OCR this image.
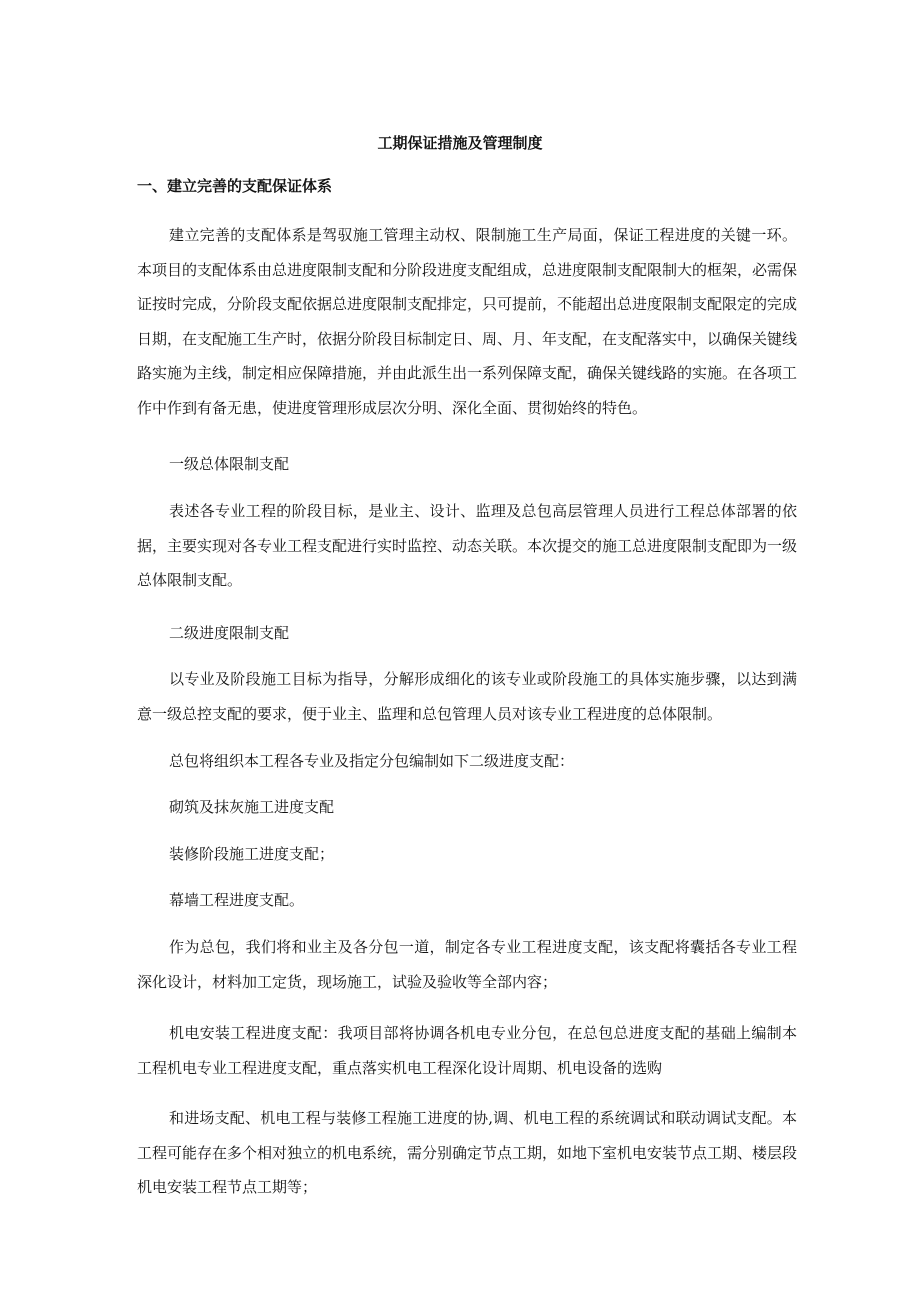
工期保证措施及管理制度
一、建立完善的支配保证体系

建立完善的支配体系是驾驭施工管理主动权、限制施工生产局面，保证工程进度的关键一环。本项目的支配体系由总进度限制支配和分阶段进度支配组成，总进度限制支配限制大的框架，必需保证按时完成，分阶段支配依据总进度限制支配排定，只可提前，不能超出总进度限制支配限定的完成日期，在支配施工生产时，依据分阶段目标制定日、周、月、年支配，在支配落实中，以确保关键线路实施为主线，制定相应保障措施，并由此派生出一系列保障支配，确保关键线路的实施。在各项工作中作到有备无患，使进度管理形成层次分明、深化全面、贯彻始终的特色。

一级总体限制支配

表述各专业工程的阶段目标，是业主、设计、监理及总包高层管理人员进行工程总体部署的依据，主要实现对各专业工程支配进行实时监控、动态关联。本次提交的施工总进度限制支配即为一级总体限制支配。

二级进度限制支配

以专业及阶段施工目标为指导，分解形成细化的该专业或阶段施工的具体实施步骤，以达到满意一级总控支配的要求，便于业主、监理和总包管理人员对该专业工程进度的总体限制。

总包将组织本工程各专业及指定分包编制如下二级进度支配：

砌筑及抹灰施工进度支配

装修阶段施工进度支配；

幕墙工程进度支配。

作为总包，我们将和业主及各分包一道，制定各专业工程进度支配，该支配将囊括各专业工程深化设计，材料加工定货，现场施工，试验及验收等全部内容；

机电安装工程进度支配：我项目部将协调各机电专业分包，在总包总进度支配的基础上编制本工程机电专业工程进度支配，重点落实机电工程深化设计周期、机电设备的选购

和进场支配、机电工程与装修工程施工进度的协,调、机电工程的系统调试和联动调试支配。本工程可能存在多个相对独立的机电系统，需分别确定节点工期，如地下室机电安装节点工期、楼层段机电安装工程节点工期等；
